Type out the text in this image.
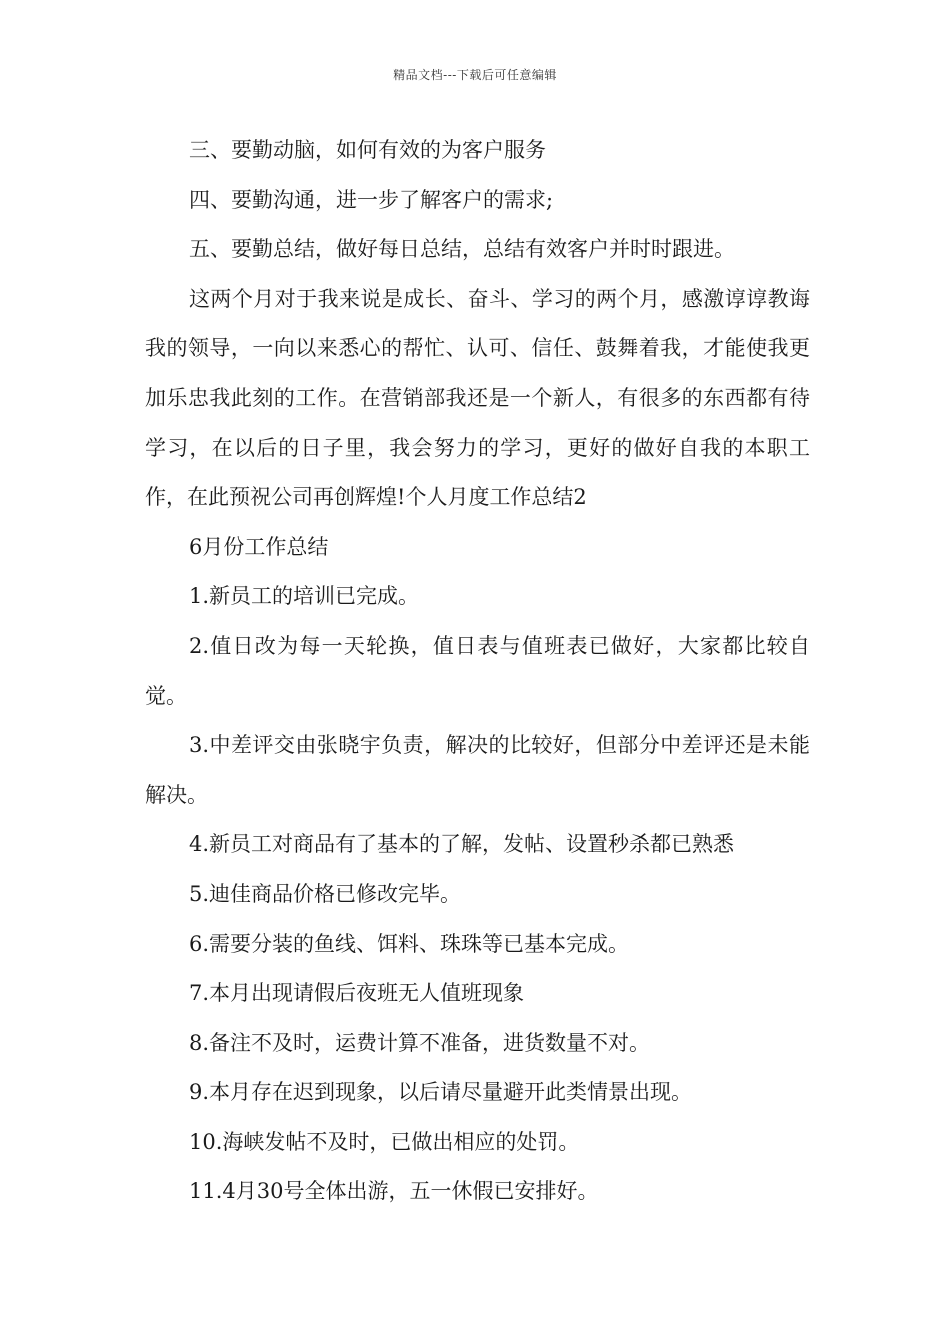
精品文档---下载后可任意编辑

三、要勤动脑，如何有效的为客户服务

四、要勤沟通，进一步了解客户的需求;

五、要勤总结，做好每日总结，总结有效客户并时时跟进。

这两个月对于我来说是成长、奋斗、学习的两个月，感激谆谆教诲我的领导，一向以来悉心的帮忙、认可、信任、鼓舞着我，才能使我更加乐忠我此刻的工作。在营销部我还是一个新人，有很多的东西都有待学习，在以后的日子里，我会努力的学习，更好的做好自我的本职工作，在此预祝公司再创辉煌!个人月度工作总结2

6月份工作总结

1.新员工的培训已完成。

2.值日改为每一天轮换，值日表与值班表已做好，大家都比较自觉。

3.中差评交由张晓宇负责，解决的比较好，但部分中差评还是未能解决。

4.新员工对商品有了基本的了解，发帖、设置秒杀都已熟悉

5.迪佳商品价格已修改完毕。

6.需要分装的鱼线、饵料、珠珠等已基本完成。

7.本月出现请假后夜班无人值班现象

8.备注不及时，运费计算不准备，进货数量不对。

9.本月存在迟到现象，以后请尽量避开此类情景出现。

10.海峡发帖不及时，已做出相应的处罚。

11.4月30号全体出游，五一休假已安排好。
